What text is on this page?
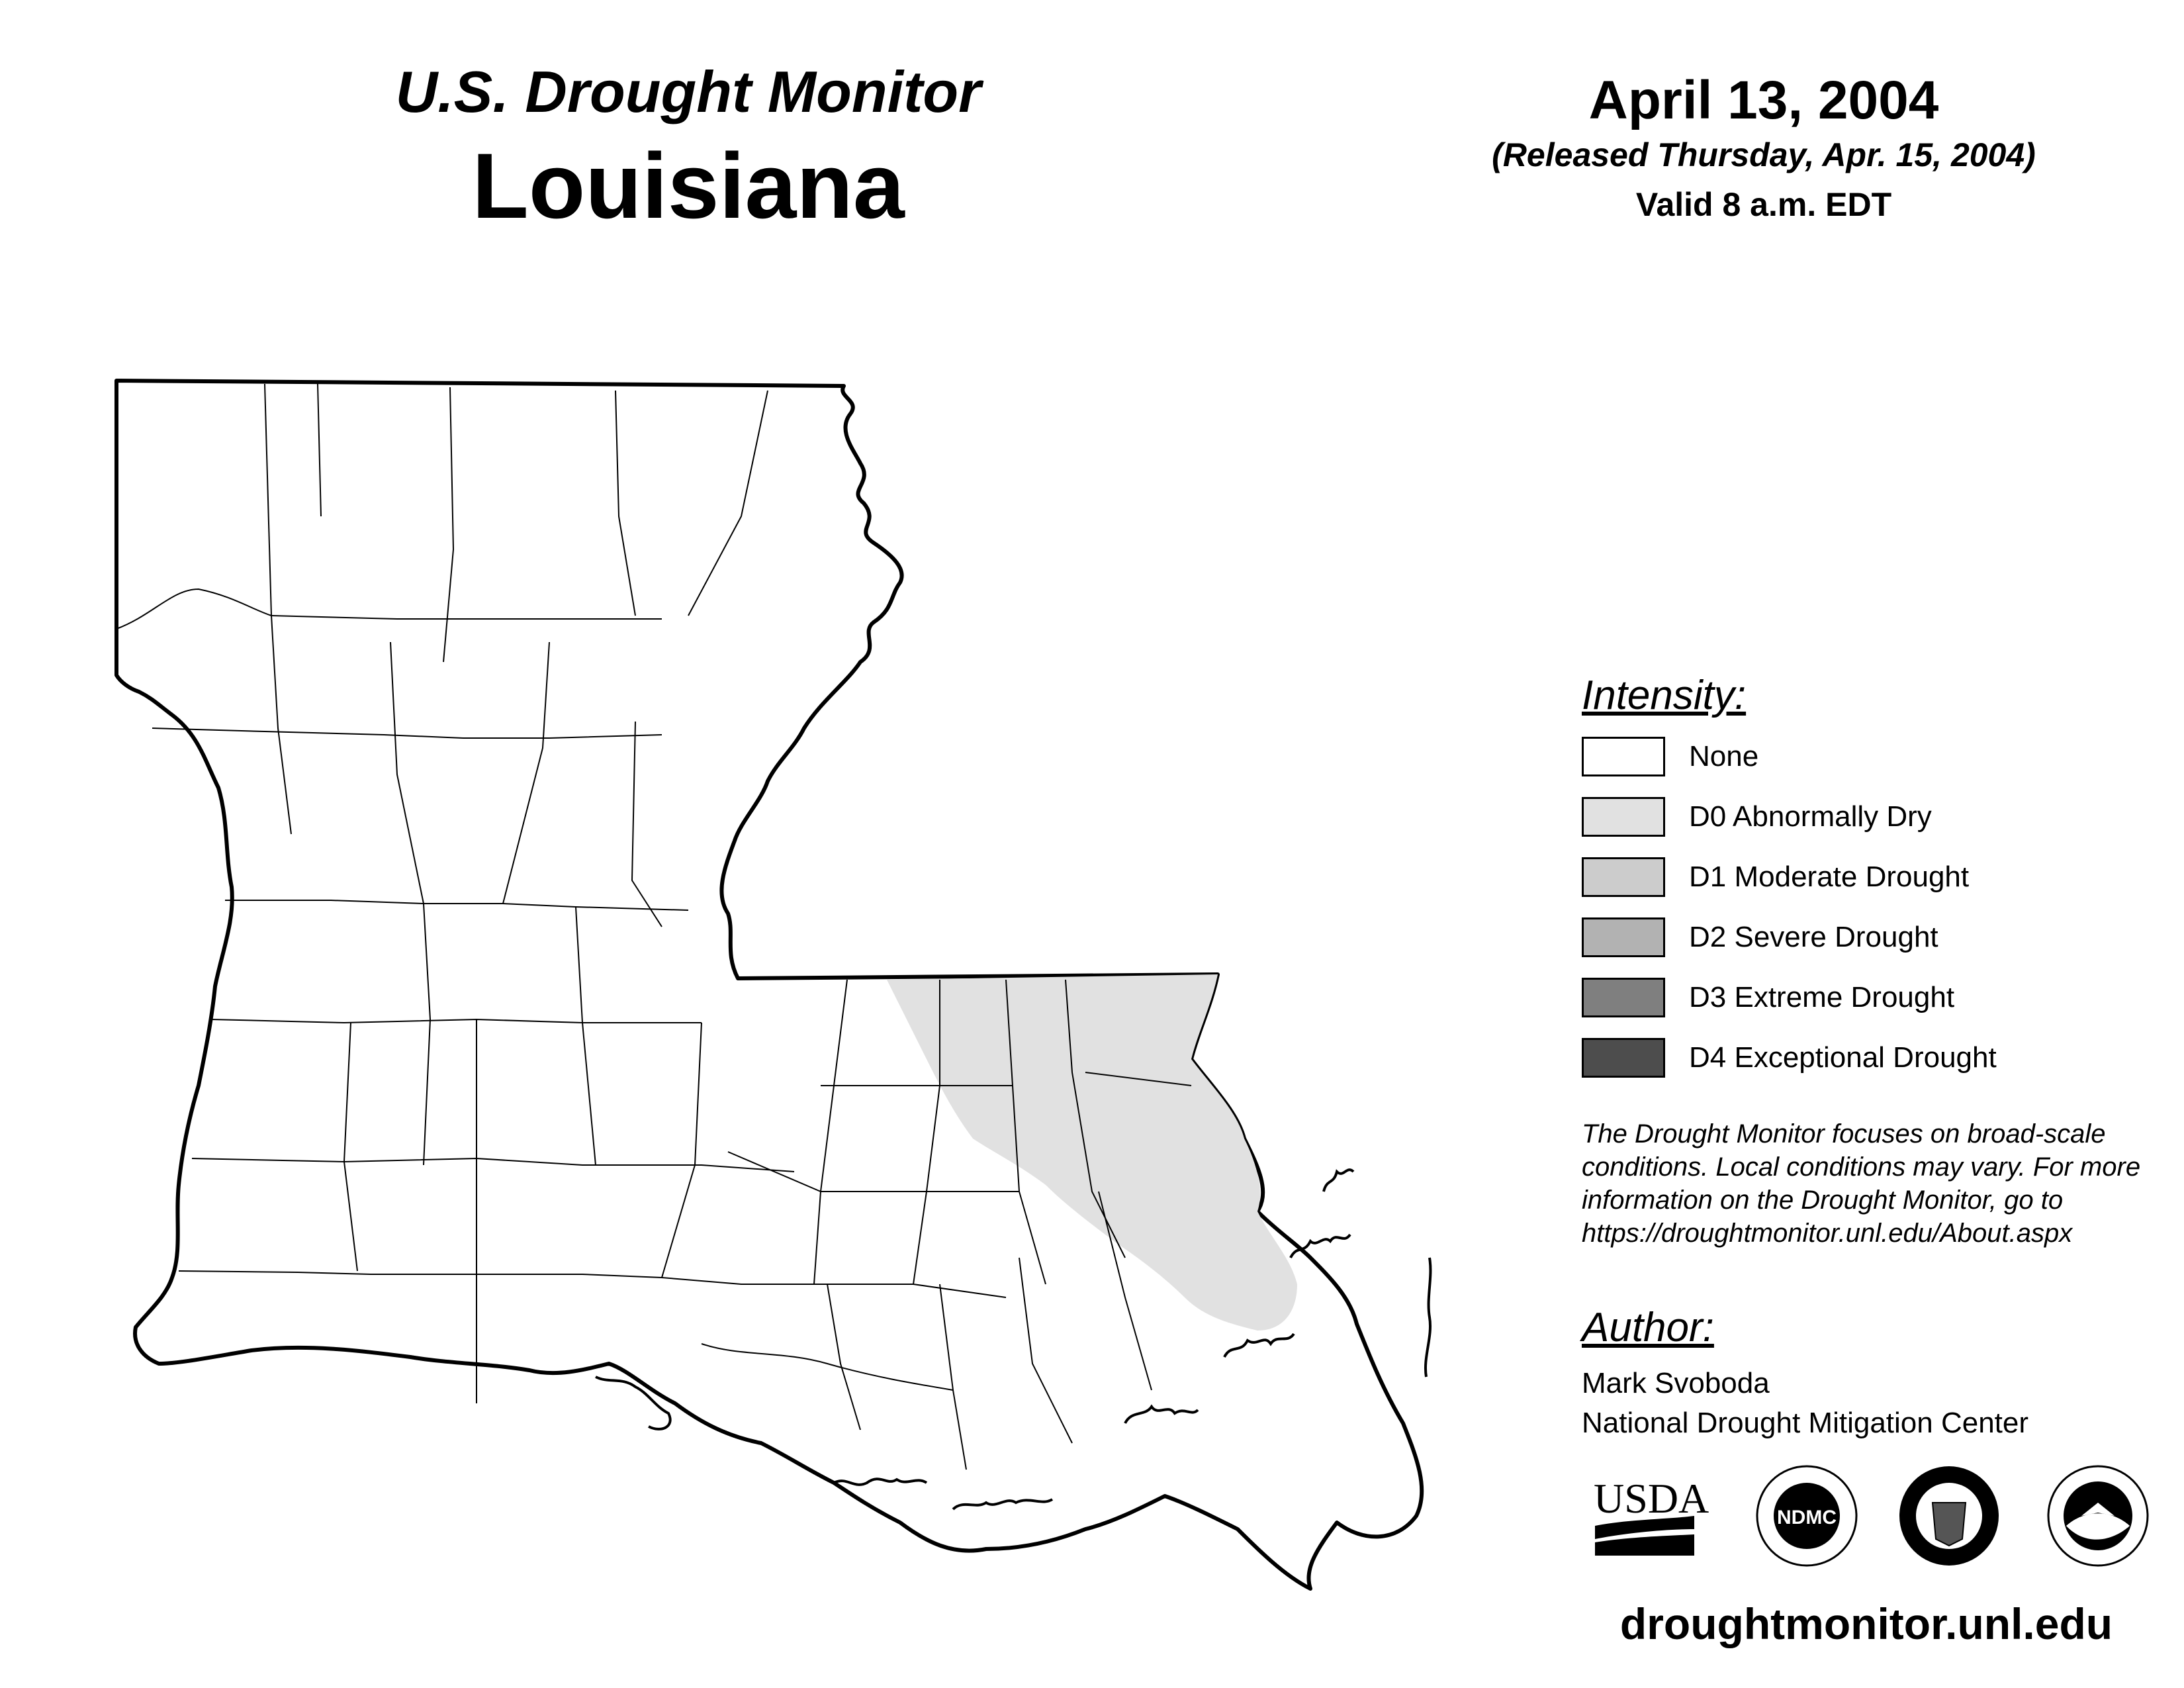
U.S. Drought Monitor
Louisiana
April 13, 2004
(Released Thursday, Apr. 15, 2004)
Valid 8 a.m. EDT
Intensity:
None
D0 Abnormally Dry
D1 Moderate Drought
D2 Severe Drought
D3 Extreme Drought
D4 Exceptional Drought
The Drought Monitor focuses on broad-scale conditions. Local conditions may vary. For more information on the Drought Monitor, go to https://droughtmonitor.unl.edu/About.aspx
Author:
Mark Svoboda
National Drought Mitigation Center
USDA	NDMC
droughtmonitor.unl.edu
